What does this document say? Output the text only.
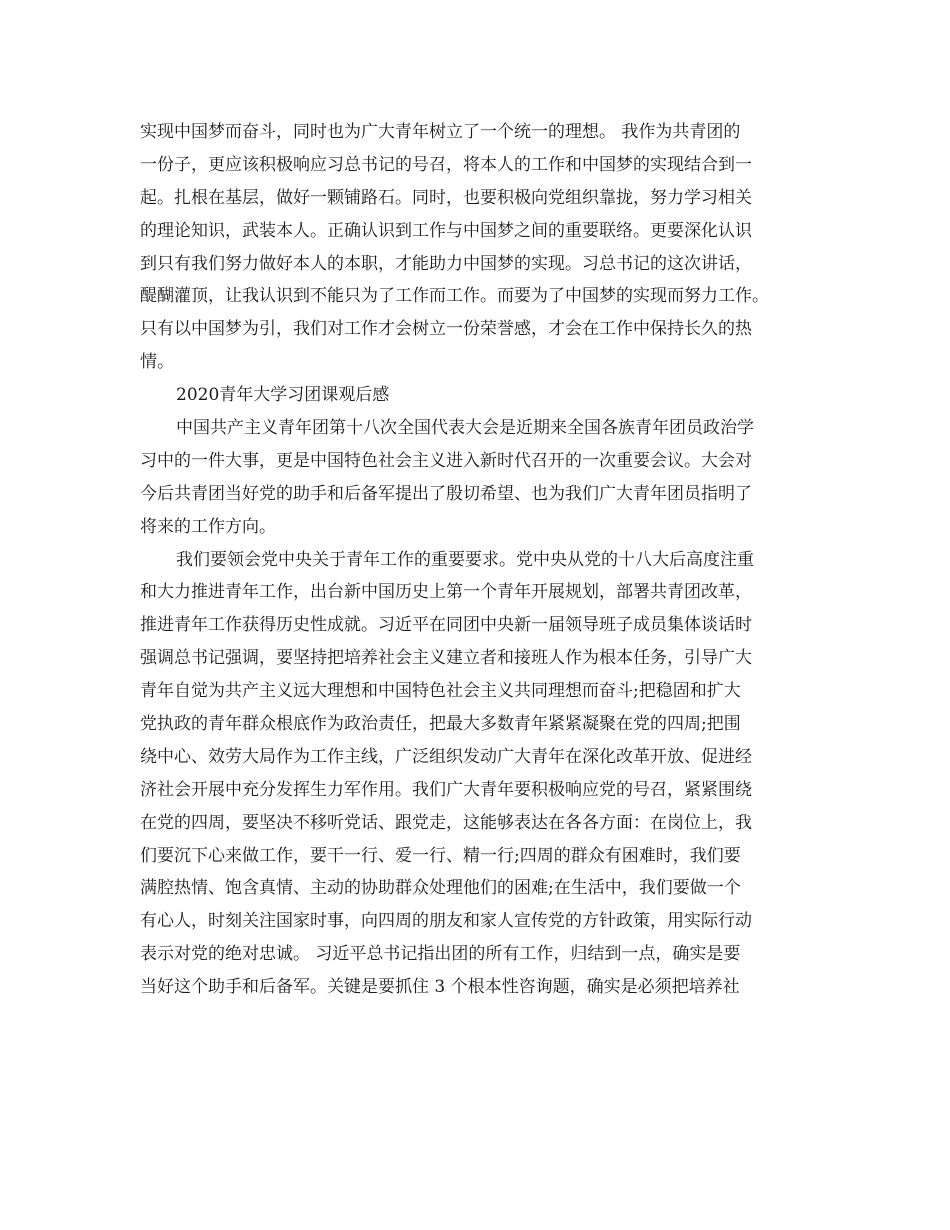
实现中国梦而奋斗，同时也为广大青年树立了一个统一的理想。 我作为共青团的
一份子，更应该积极响应习总书记的号召，将本人的工作和中国梦的实现结合到一
起。扎根在基层，做好一颗铺路石。同时，也要积极向党组织靠拢，努力学习相关
的理论知识，武装本人。正确认识到工作与中国梦之间的重要联络。更要深化认识
到只有我们努力做好本人的本职，才能助力中国梦的实现。习总书记的这次讲话，
醍醐灌顶，让我认识到不能只为了工作而工作。而要为了中国梦的实现而努力工作。
只有以中国梦为引，我们对工作才会树立一份荣誉感，才会在工作中保持长久的热
情。
2020青年大学习团课观后感
中国共产主义青年团第十八次全国代表大会是近期来全国各族青年团员政治学
习中的一件大事，更是中国特色社会主义进入新时代召开的一次重要会议。大会对
今后共青团当好党的助手和后备军提出了殷切希望、也为我们广大青年团员指明了
将来的工作方向。
我们要领会党中央关于青年工作的重要要求。党中央从党的十八大后高度注重
和大力推进青年工作，出台新中国历史上第一个青年开展规划，部署共青团改革，
推进青年工作获得历史性成就。习近平在同团中央新一届领导班子成员集体谈话时
强调总书记强调，要坚持把培养社会主义建立者和接班人作为根本任务，引导广大
青年自觉为共产主义远大理想和中国特色社会主义共同理想而奋斗;把稳固和扩大
党执政的青年群众根底作为政治责任，把最大多数青年紧紧凝聚在党的四周;把围
绕中心、效劳大局作为工作主线，广泛组织发动广大青年在深化改革开放、促进经
济社会开展中充分发挥生力军作用。我们广大青年要积极响应党的号召，紧紧围绕
在党的四周，要坚决不移听党话、跟党走，这能够表达在各各方面：在岗位上，我
们要沉下心来做工作，要干一行、爱一行、精一行;四周的群众有困难时，我们要
满腔热情、饱含真情、主动的协助群众处理他们的困难;在生活中，我们要做一个
有心人，时刻关注国家时事，向四周的朋友和家人宣传党的方针政策，用实际行动
表示对党的绝对忠诚。 习近平总书记指出团的所有工作，归结到一点，确实是要
当好这个助手和后备军。关键是要抓住 3 个根本性咨询题，确实是必须把培养社
